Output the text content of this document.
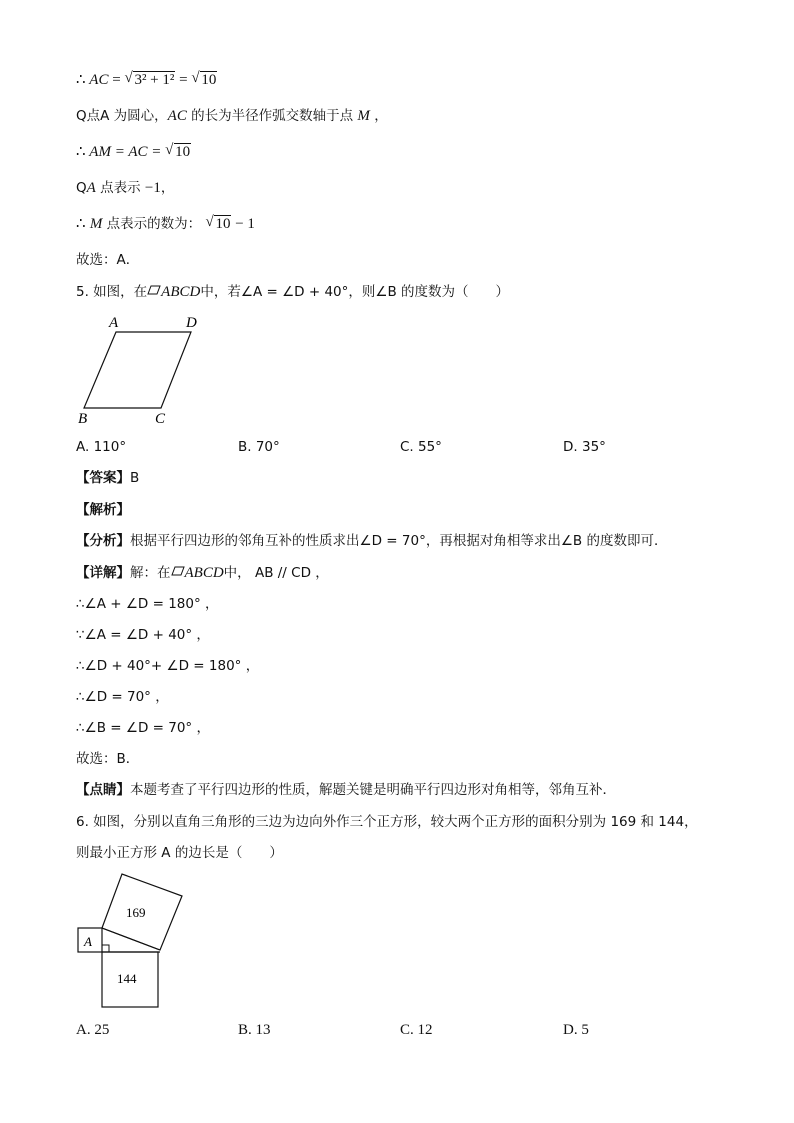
∴ AC = √ 3² + 1² = √ 10
Q点A 为圆心，AC 的长为半径作弧交数轴于点 M ，
∴ AM = AC = √ 10
QA 点表示 −1，
∴ M 点表示的数为： √ 10 − 1
故选：A．
5. 如图，在 ABCD中，若∠A = ∠D + 40°，则∠B 的度数为（　　）
A	D
B	C
A. 110°	B. 70°	C. 55°	D. 35°
【答案】B
【解析】
【分析】根据平行四边形的邻角互补的性质求出∠D = 70°，再根据对角相等求出∠B 的度数即可．
【详解】解：在 ABCD中， AB // CD ，
∴∠A + ∠D = 180° ，
∵∠A = ∠D + 40° ，
∴∠D + 40°+ ∠D = 180° ，
∴∠D = 70° ，
∴∠B = ∠D = 70° ，
故选：B．
【点睛】本题考查了平行四边形的性质，解题关键是明确平行四边形对角相等，邻角互补．
6. 如图，分别以直角三角形的三边为边向外作三个正方形，较大两个正方形的面积分别为 169 和 144，
则最小正方形 A 的边长是（　　）
169
144
A
A. 25	B. 13	C. 12	D. 5
